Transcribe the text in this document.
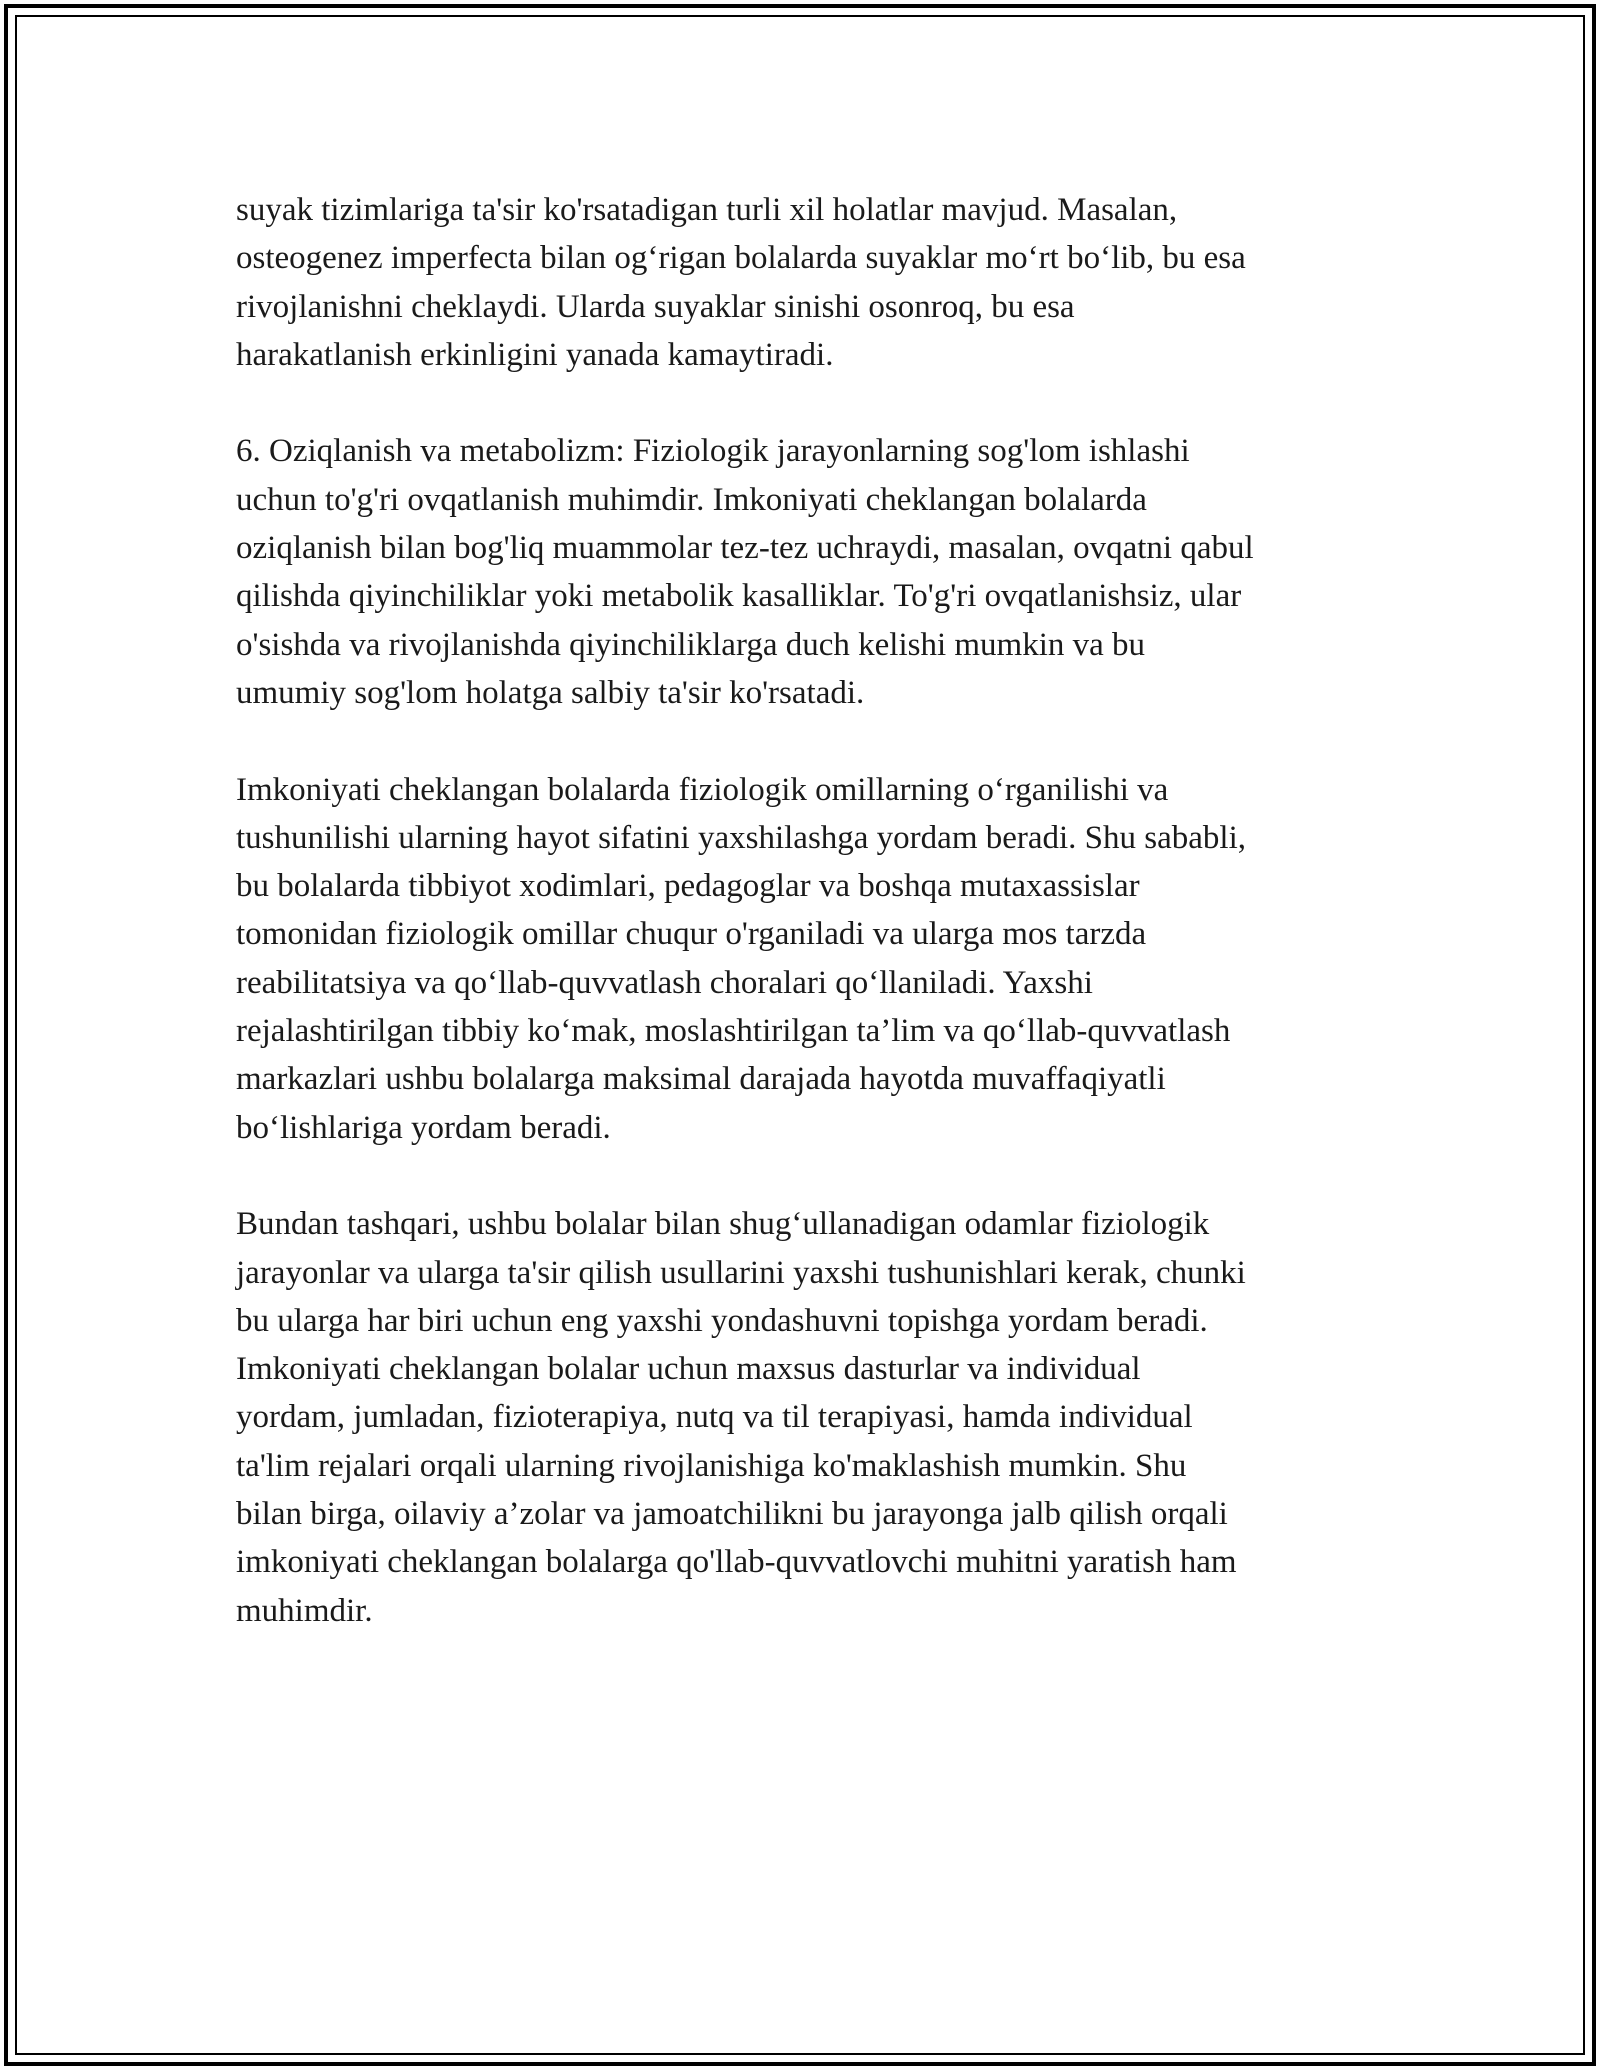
suyak tizimlariga ta'sir ko'rsatadigan turli xil holatlar mavjud. Masalan,
osteogenez imperfecta bilan og‘rigan bolalarda suyaklar mo‘rt bo‘lib, bu esa
rivojlanishni cheklaydi. Ularda suyaklar sinishi osonroq, bu esa
harakatlanish erkinligini yanada kamaytiradi.

6. Oziqlanish va metabolizm: Fiziologik jarayonlarning sog'lom ishlashi
uchun to'g'ri ovqatlanish muhimdir. Imkoniyati cheklangan bolalarda
oziqlanish bilan bog'liq muammolar tez-tez uchraydi, masalan, ovqatni qabul
qilishda qiyinchiliklar yoki metabolik kasalliklar. To'g'ri ovqatlanishsiz, ular
o'sishda va rivojlanishda qiyinchiliklarga duch kelishi mumkin va bu
umumiy sog'lom holatga salbiy ta'sir ko'rsatadi.

Imkoniyati cheklangan bolalarda fiziologik omillarning o‘rganilishi va
tushunilishi ularning hayot sifatini yaxshilashga yordam beradi. Shu sababli,
bu bolalarda tibbiyot xodimlari, pedagoglar va boshqa mutaxassislar
tomonidan fiziologik omillar chuqur o'rganiladi va ularga mos tarzda
reabilitatsiya va qo‘llab-quvvatlash choralari qo‘llaniladi. Yaxshi
rejalashtirilgan tibbiy ko‘mak, moslashtirilgan ta’lim va qo‘llab-quvvatlash
markazlari ushbu bolalarga maksimal darajada hayotda muvaffaqiyatli
bo‘lishlariga yordam beradi.

Bundan tashqari, ushbu bolalar bilan shug‘ullanadigan odamlar fiziologik
jarayonlar va ularga ta'sir qilish usullarini yaxshi tushunishlari kerak, chunki
bu ularga har biri uchun eng yaxshi yondashuvni topishga yordam beradi.
Imkoniyati cheklangan bolalar uchun maxsus dasturlar va individual
yordam, jumladan, fizioterapiya, nutq va til terapiyasi, hamda individual
ta'lim rejalari orqali ularning rivojlanishiga ko'maklashish mumkin. Shu
bilan birga, oilaviy a’zolar va jamoatchilikni bu jarayonga jalb qilish orqali
imkoniyati cheklangan bolalarga qo'llab-quvvatlovchi muhitni yaratish ham
muhimdir.
